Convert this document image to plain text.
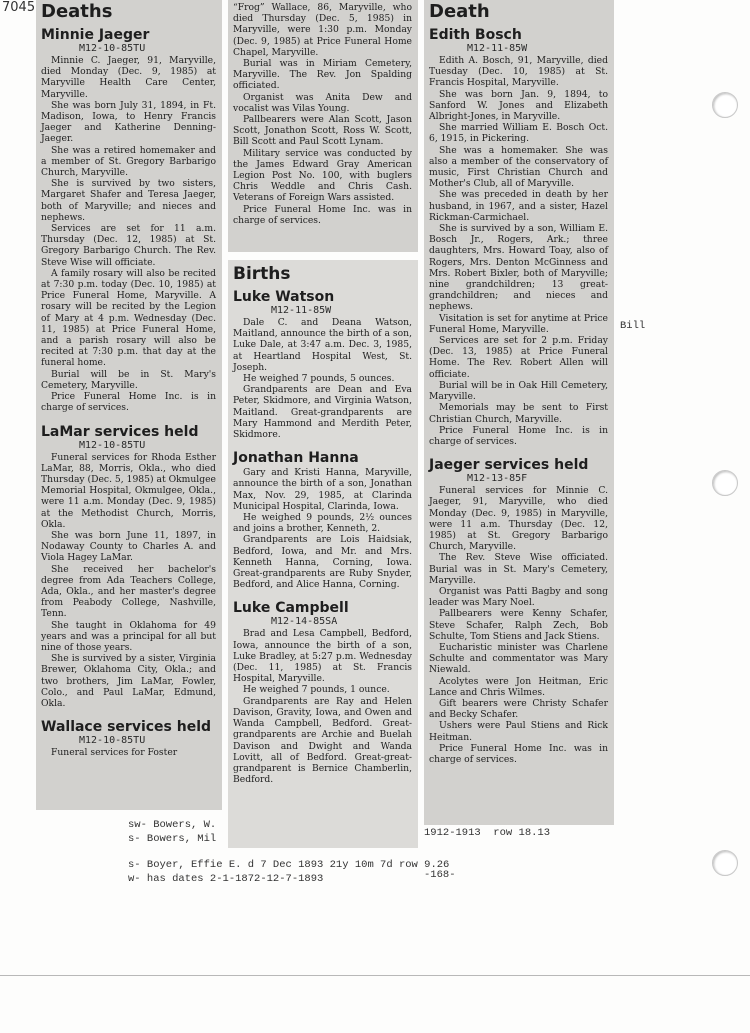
7045 Deaths
Minnie Jaeger
M12-10-85TU

Minnie C. Jaeger, 91, Maryville, died Monday (Dec. 9, 1985) at Maryville Health Care Center, Maryville.

She was born July 31, 1894, in Ft. Madison, Iowa, to Henry Francis Jaeger and Katherine Denning-Jaeger.

She was a retired homemaker and a member of St. Gregory Barbarigo Church, Maryville.

She is survived by two sisters, Margaret Shafer and Teresa Jaeger, both of Maryville; and nieces and nephews.

Services are set for 11 a.m. Thursday (Dec. 12, 1985) at St. Gregory Barbarigo Church. The Rev. Steve Wise will officiate.

A family rosary will also be recited at 7:30 p.m. today (Dec. 10, 1985) at Price Funeral Home, Maryville. A rosary will be recited by the Legion of Mary at 4 p.m. Wednesday (Dec. 11, 1985) at Price Funeral Home, and a parish rosary will also be recited at 7:30 p.m. that day at the funeral home.

Burial will be in St. Mary's Cemetery, Maryville.

Price Funeral Home Inc. is in charge of services.

LaMar services held
M12-10-85TU

Funeral services for Rhoda Esther LaMar, 88, Morris, Okla., who died Thursday (Dec. 5, 1985) at Okmulgee Memorial Hospital, Okmulgee, Okla., were 11 a.m. Monday (Dec. 9, 1985) at the Methodist Church, Morris, Okla.

She was born June 11, 1897, in Nodaway County to Charles A. and Viola Hagey LaMar.

She received her bachelor's degree from Ada Teachers College, Ada, Okla., and her master's degree from Peabody College, Nashville, Tenn.

She taught in Oklahoma for 49 years and was a principal for all but nine of those years.

She is survived by a sister, Virginia Brewer, Oklahoma City, Okla.; and two brothers, Jim LaMar, Fowler, Colo., and Paul LaMar, Edmund, Okla.

Wallace services held
M12-10-85TU

Funeral services for Foster

“Frog” Wallace, 86, Maryville, who died Thursday (Dec. 5, 1985) in Maryville, were 1:30 p.m. Monday (Dec. 9, 1985) at Price Funeral Home Chapel, Maryville.

Burial was in Miriam Cemetery, Maryville. The Rev. Jon Spalding officiated.

Organist was Anita Dew and vocalist was Vilas Young.

Pallbearers were Alan Scott, Jason Scott, Jonathon Scott, Ross W. Scott, Bill Scott and Paul Scott Lynam.

Military service was conducted by the James Edward Gray American Legion Post No. 100, with buglers Chris Weddle and Chris Cash. Veterans of Foreign Wars assisted.

Price Funeral Home Inc. was in charge of services.

Births
Luke Watson
M12-11-85W

Dale C. and Deana Watson, Maitland, announce the birth of a son, Luke Dale, at 3:47 a.m. Dec. 3, 1985, at Heartland Hospital West, St. Joseph.

He weighed 7 pounds, 5 ounces.

Grandparents are Dean and Eva Peter, Skidmore, and Virginia Watson, Maitland. Great-grandparents are Mary Hammond and Merdith Peter, Skidmore.

Jonathan Hanna

Gary and Kristi Hanna, Maryville, announce the birth of a son, Jonathan Max, Nov. 29, 1985, at Clarinda Municipal Hospital, Clarinda, Iowa.

He weighed 9 pounds, 2½ ounces and joins a brother, Kenneth, 2.

Grandparents are Lois Haidsiak, Bedford, Iowa, and Mr. and Mrs. Kenneth Hanna, Corning, Iowa. Great-grandparents are Ruby Snyder, Bedford, and Alice Hanna, Corning.

Luke Campbell
M12-14-85SA

Brad and Lesa Campbell, Bedford, Iowa, announce the birth of a son, Luke Bradley, at 5:27 p.m. Wednesday (Dec. 11, 1985) at St. Francis Hospital, Maryville.

He weighed 7 pounds, 1 ounce.

Grandparents are Ray and Helen Davison, Gravity, Iowa, and Owen and Wanda Campbell, Bedford. Great-grandparents are Archie and Buelah Davison and Dwight and Wanda Lovitt, all of Bedford. Great-great-grandparent is Bernice Chamberlin, Bedford.

Death
Edith Bosch
M12-11-85W

Edith A. Bosch, 91, Maryville, died Tuesday (Dec. 10, 1985) at St. Francis Hospital, Maryville.

She was born Jan. 9, 1894, to Sanford W. Jones and Elizabeth Albright-Jones, in Maryville.

She married William E. Bosch Oct. 6, 1915, in Pickering.

She was a homemaker. She was also a member of the conservatory of music, First Christian Church and Mother's Club, all of Maryville.

She was preceded in death by her husband, in 1967, and a sister, Hazel Rickman-Carmichael.

She is survived by a son, William E. Bosch Jr., Rogers, Ark.; three daughters, Mrs. Howard Toay, also of Rogers, Mrs. Denton McGinness and Mrs. Robert Bixler, both of Maryville; nine grandchildren; 13 great-grandchildren; and nieces and nephews.

Visitation is set for anytime at Price Funeral Home, Maryville.

Services are set for 2 p.m. Friday (Dec. 13, 1985) at Price Funeral Home. The Rev. Robert Allen will officiate.

Burial will be in Oak Hill Cemetery, Maryville.

Memorials may be sent to First Christian Church, Maryville.

Price Funeral Home Inc. is in charge of services.

Jaeger services held
M12-13-85F

Funeral services for Minnie C. Jaeger, 91, Maryville, who died Monday (Dec. 9, 1985) in Maryville, were 11 a.m. Thursday (Dec. 12, 1985) at St. Gregory Barbarigo Church, Maryville.

The Rev. Steve Wise officiated. Burial was in St. Mary's Cemetery, Maryville.

Organist was Patti Bagby and song leader was Mary Noel.

Pallbearers were Kenny Schafer, Steve Schafer, Ralph Zech, Bob Schulte, Tom Stiens and Jack Stiens.

Eucharistic minister was Charlene Schulte and commentator was Mary Niewald.

Acolytes were Jon Heitman, Eric Lance and Chris Wilmes.

Gift bearers were Christy Schafer and Becky Schafer.

Ushers were Paul Stiens and Rick Heitman.

Price Funeral Home Inc. was in charge of services.

Bill
sw- Bowers, W.
s- Bowers, Mil
s- Boyer, Effie E. d 7 Dec 1893 21y 10m 7d row 9.26
w- has dates 2-1-1872-12-7-1893
1912-1913  row 18.13
-168-
